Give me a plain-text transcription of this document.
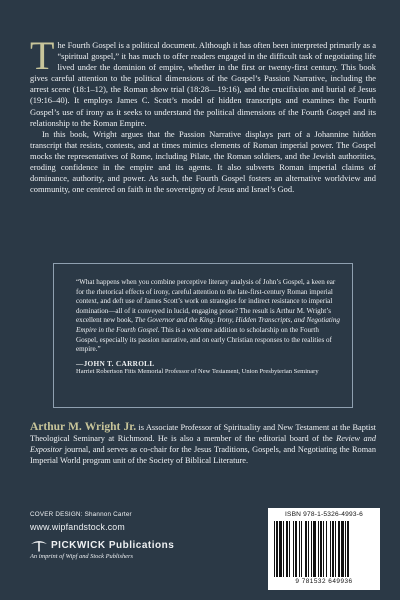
The Fourth Gospel is a political document. Although it has often been interpreted primarily as a “spiritual gospel,” it has much to offer readers engaged in the difficult task of negotiating life lived under the dominion of empire, whether in the first or twenty-first century. This book gives careful attention to the political dimensions of the Gospel’s Passion Narrative, including the arrest scene (18:1–12), the Roman show trial (18:28—19:16), and the crucifixion and burial of Jesus (19:16–40). It employs James C. Scott’s model of hidden transcripts and examines the Fourth Gospel’s use of irony as it seeks to understand the political dimensions of the Fourth Gospel and its relationship to the Roman Empire.

In this book, Wright argues that the Passion Narrative displays part of a Johannine hidden transcript that resists, contests, and at times mimics elements of Roman imperial power. The Gospel mocks the representatives of Rome, including Pilate, the Roman soldiers, and the Jewish authorities, eroding confidence in the empire and its agents. It also subverts Roman imperial claims of dominance, authority, and power. As such, the Fourth Gospel fosters an alternative worldview and community, one centered on faith in the sovereignty of Jesus and Israel’s God.

“What happens when you combine perceptive literary analysis of John’s Gospel, a keen ear for the rhetorical effects of irony, careful attention to the late-first-century Roman imperial context, and deft use of James Scott’s work on strategies for indirect resistance to imperial domination—all of it conveyed in lucid, engaging prose? The result is Arthur M. Wright’s excellent new book, The Governor and the King: Irony, Hidden Transcripts, and Negotiating Empire in the Fourth Gospel. This is a welcome addition to scholarship on the Fourth Gospel, especially its passion narrative, and on early Christian responses to the realities of empire.”

—JOHN T. CARROLL
Harriet Robertson Fitts Memorial Professor of New Testament, Union Presbyterian Seminary
Arthur M. Wright Jr. is Associate Professor of Spirituality and New Testament at the Baptist Theological Seminary at Richmond. He is also a member of the editorial board of the Review and Expositor journal, and serves as co-chair for the Jesus Traditions, Gospels, and Negotiating the Roman Imperial World program unit of the Society of Biblical Literature.
COVER DESIGN: Shannon Carter
www.wipfandstock.com
PICKWICK Publications
An imprint of Wipf and Stock Publishers
ISBN 978-1-5326-4993-6
9 781532 649936
